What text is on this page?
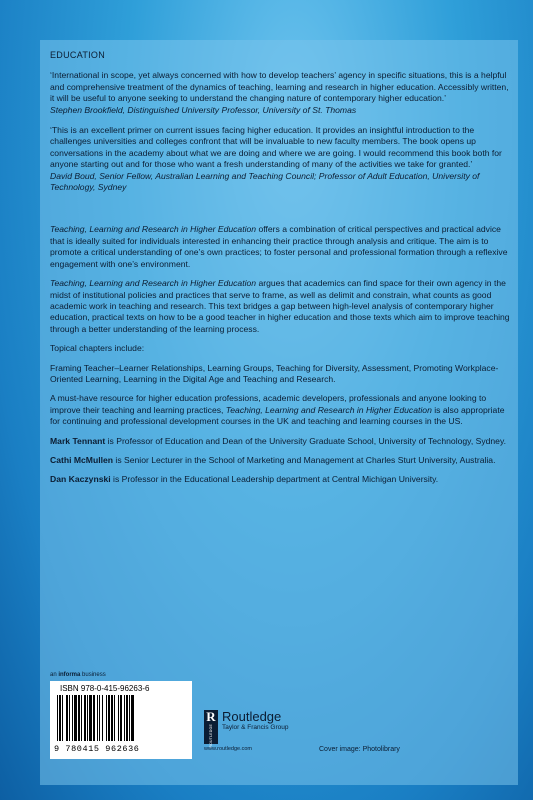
EDUCATION
‘International in scope, yet always concerned with how to develop teachers’ agency in specific situations, this is a helpful and comprehensive treatment of the dynamics of teaching, learning and research in higher education. Accessibly written, it will be useful to anyone seeking to understand the changing nature of contemporary higher education.’
Stephen Brookfield, Distinguished University Professor, University of St. Thomas
‘This is an excellent primer on current issues facing higher education. It provides an insightful introduction to the challenges universities and colleges confront that will be invaluable to new faculty members. The book opens up conversations in the academy about what we are doing and where we are going. I would recommend this book both for anyone starting out and for those who want a fresh understanding of many of the activities we take for granted.’
David Boud, Senior Fellow, Australian Learning and Teaching Council; Professor of Adult Education, University of Technology, Sydney

Teaching, Learning and Research in Higher Education offers a combination of critical perspectives and practical advice that is ideally suited for individuals interested in enhancing their practice through analysis and critique. The aim is to promote a critical understanding of one’s own practices; to foster personal and professional formation through a reflexive engagement with one’s environment.

Teaching, Learning and Research in Higher Education argues that academics can find space for their own agency in the midst of institutional policies and practices that serve to frame, as well as delimit and constrain, what counts as good academic work in teaching and research. This text bridges a gap between high-level analysis of contemporary higher education, practical texts on how to be a good teacher in higher education and those texts which aim to improve teaching through a better understanding of the learning process.

Topical chapters include:

Framing Teacher–Learner Relationships, Learning Groups, Teaching for Diversity, Assessment, Promoting Workplace-Oriented Learning, Learning in the Digital Age and Teaching and Research.

A must-have resource for higher education professions, academic developers, professionals and anyone looking to improve their teaching and learning practices, Teaching, Learning and Research in Higher Education is also appropriate for continuing and professional development courses in the UK and teaching and learning courses in the US.

Mark Tennant is Professor of Education and Dean of the University Graduate School, University of Technology, Sydney.

Cathi McMullen is Senior Lecturer in the School of Marketing and Management at Charles Sturt University, Australia.

Dan Kaczynski is Professor in the Educational Leadership department at Central Michigan University.

an informa business
ISBN 978-0-415-96263-6
9 780415 962636
R
ROUTLEDGE
Routledge
Taylor & Francis Group
www.routledge.com	Cover image: Photolibrary
